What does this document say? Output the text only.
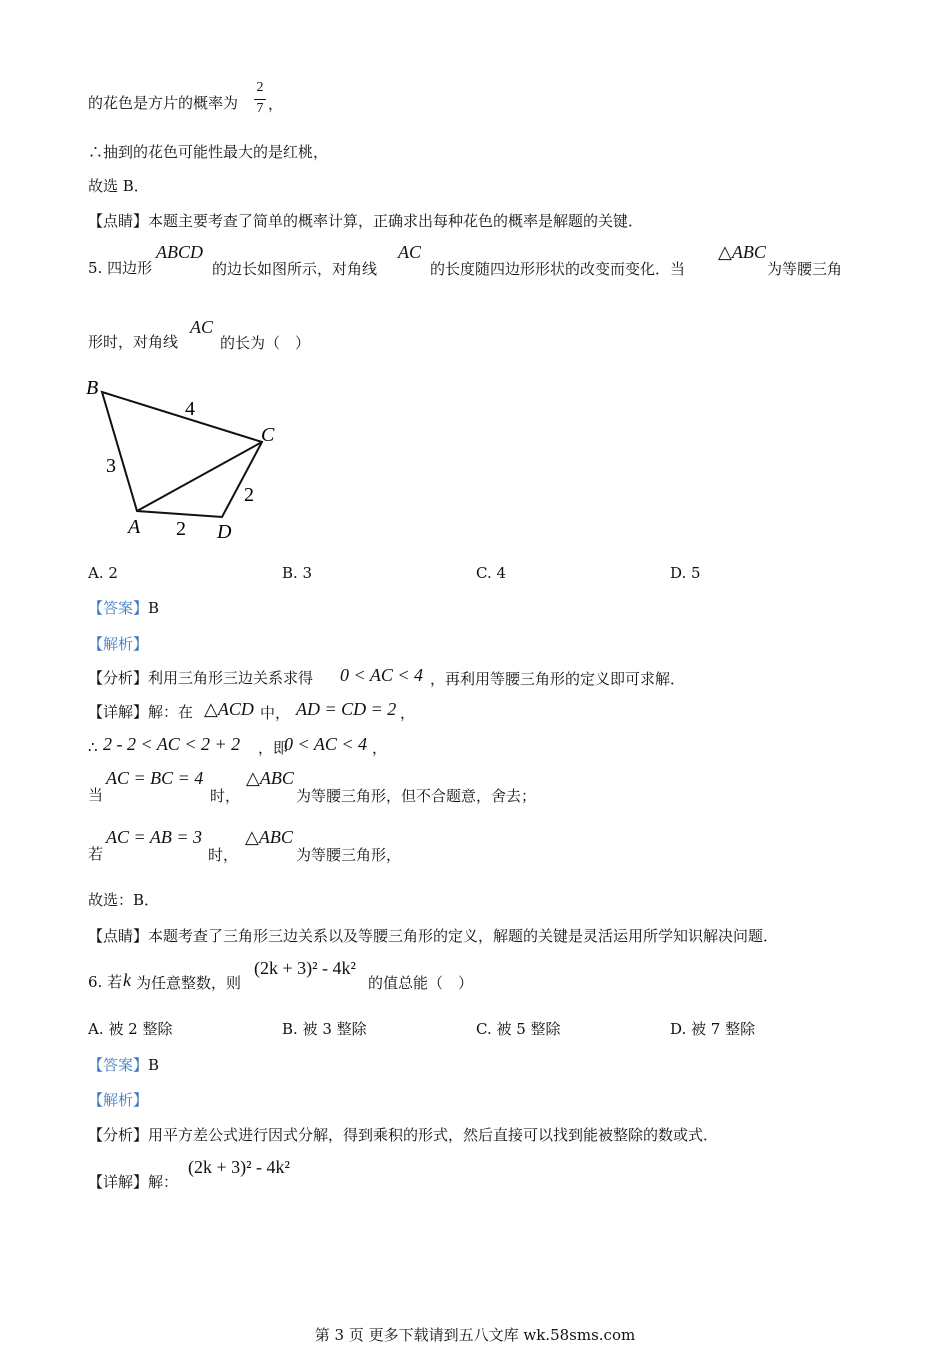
的花色是方片的概率为
2
7 ，
∴抽到的花色可能性最大的是红桃，
故选 B．
【点睛】本题主要考查了简单的概率计算，正确求出每种花色的概率是解题的关键．
5. 四边形
ABCD
的边长如图所示，对角线
AC
的长度随四边形形状的改变而变化．当
△ABC
为等腰三角
形时，对角线
AC
的长为（　）
B
C
A	D
4
3
2
2
A. 2	B. 3	C. 4	D. 5
【答案】B
【解析】
【分析】利用三角形三边关系求得 0 < AC < 4 ，再利用等腰三角形的定义即可求解．
【详解】解：在 △ACD 中， AD = CD = 2 ，
∴ 2 - 2 < AC < 2 + 2 ，即
0 < AC < 4 ，
当
AC = BC = 4
时，
△ABC
为等腰三角形，但不合题意，舍去；
若
AC = AB = 3
时，
△ABC
为等腰三角形，
故选：B．
【点睛】本题考查了三角形三边关系以及等腰三角形的定义，解题的关键是灵活运用所学知识解决问题．
6. 若 k 为任意整数，则
(2k + 3)² - 4k²
的值总能（　）
A. 被 2 整除	B. 被 3 整除	C. 被 5 整除	D. 被 7 整除
【答案】B
【解析】
【分析】用平方差公式进行因式分解，得到乘积的形式，然后直接可以找到能被整除的数或式．
【详解】解：
(2k + 3)² - 4k²
第 3 页 更多下载请到五八文库 wk.58sms.com
